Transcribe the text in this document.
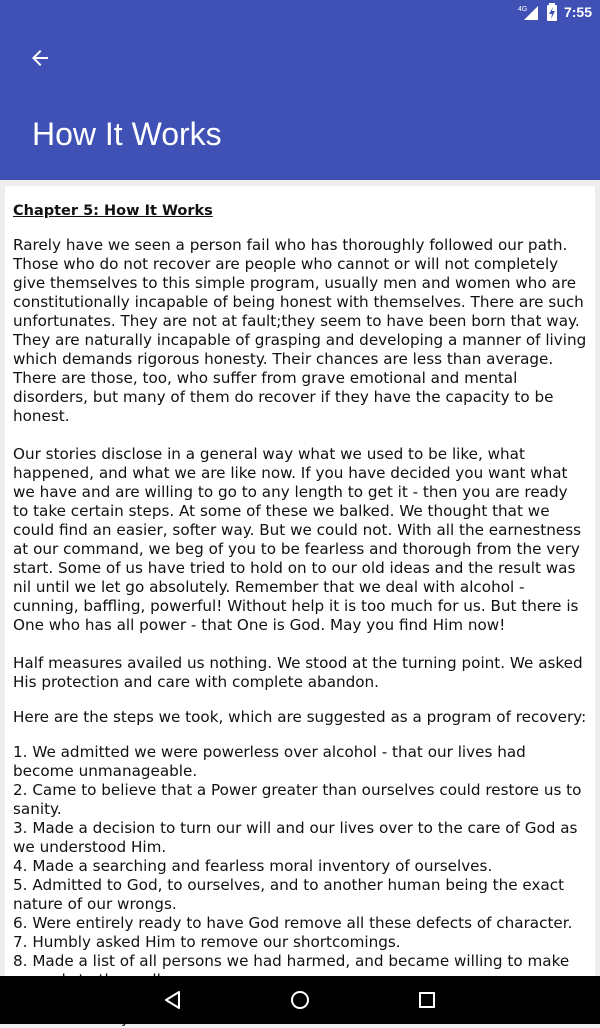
4G	7:55
How It Works
Chapter 5: How It Works

Rarely have we seen a person fail who has thoroughly followed our path. Those who do not recover are people who cannot or will not completely give themselves to this simple program, usually men and women who are constitutionally incapable of being honest with themselves. There are such unfortunates. They are not at fault;they seem to have been born that way. They are naturally incapable of grasping and developing a manner of living which demands rigorous honesty. Their chances are less than average. There are those, too, who suffer from grave emotional and mental disorders, but many of them do recover if they have the capacity to be honest.

Our stories disclose in a general way what we used to be like, what happened, and what we are like now. If you have decided you want what we have and are willing to go to any length to get it - then you are ready to take certain steps. At some of these we balked. We thought that we could find an easier, softer way. But we could not. With all the earnestness at our command, we beg of you to be fearless and thorough from the very start. Some of us have tried to hold on to our old ideas and the result was nil until we let go absolutely. Remember that we deal with alcohol - cunning, baffling, powerful! Without help it is too much for us. But there is One who has all power - that One is God. May you find Him now!

Half measures availed us nothing. We stood at the turning point. We asked His protection and care with complete abandon.

Here are the steps we took, which are suggested as a program of recovery:

1. We admitted we were powerless over alcohol - that our lives had become unmanageable.

2. Came to believe that a Power greater than ourselves could restore us to sanity.

3. Made a decision to turn our will and our lives over to the care of God as we understood Him.

4. Made a searching and fearless moral inventory of ourselves.

5. Admitted to God, to ourselves, and to another human being the exact nature of our wrongs.

6. Were entirely ready to have God remove all these defects of character.

7. Humbly asked Him to remove our shortcomings.

8. Made a list of all persons we had harmed, and became willing to make
